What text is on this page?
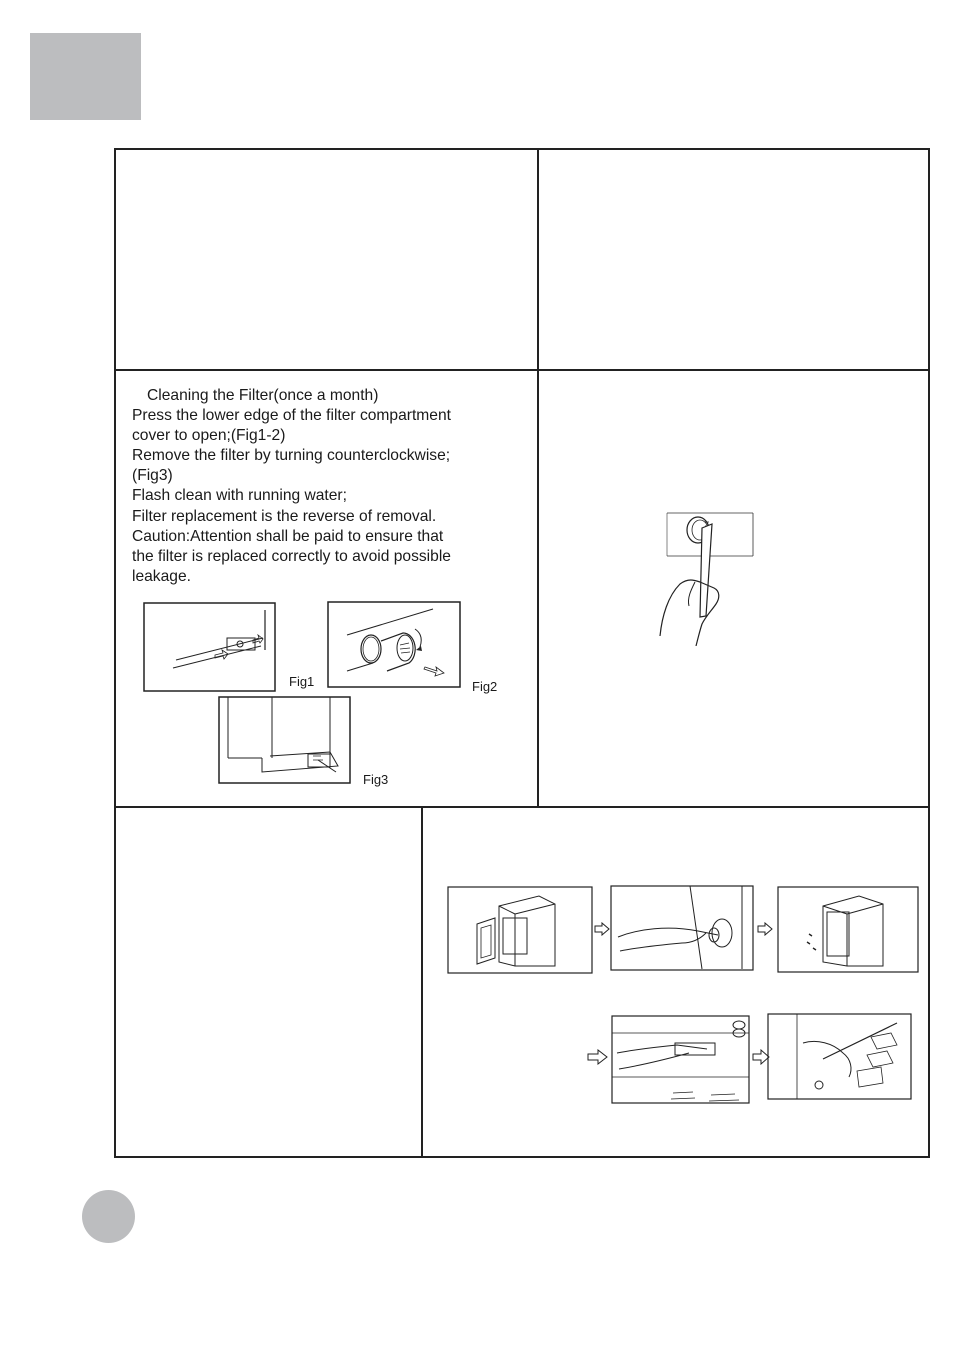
Cleaning the Filter(once a month)
Press the lower edge of the filter compartment
cover to open;(Fig1-2)
Remove the filter by turning counterclockwise;
(Fig3)
Flash clean with running water;
Filter replacement is the reverse of removal.
Caution:Attention shall be paid to ensure that
the filter is replaced correctly to avoid possible
leakage.
Fig1	Fig2
Fig3
